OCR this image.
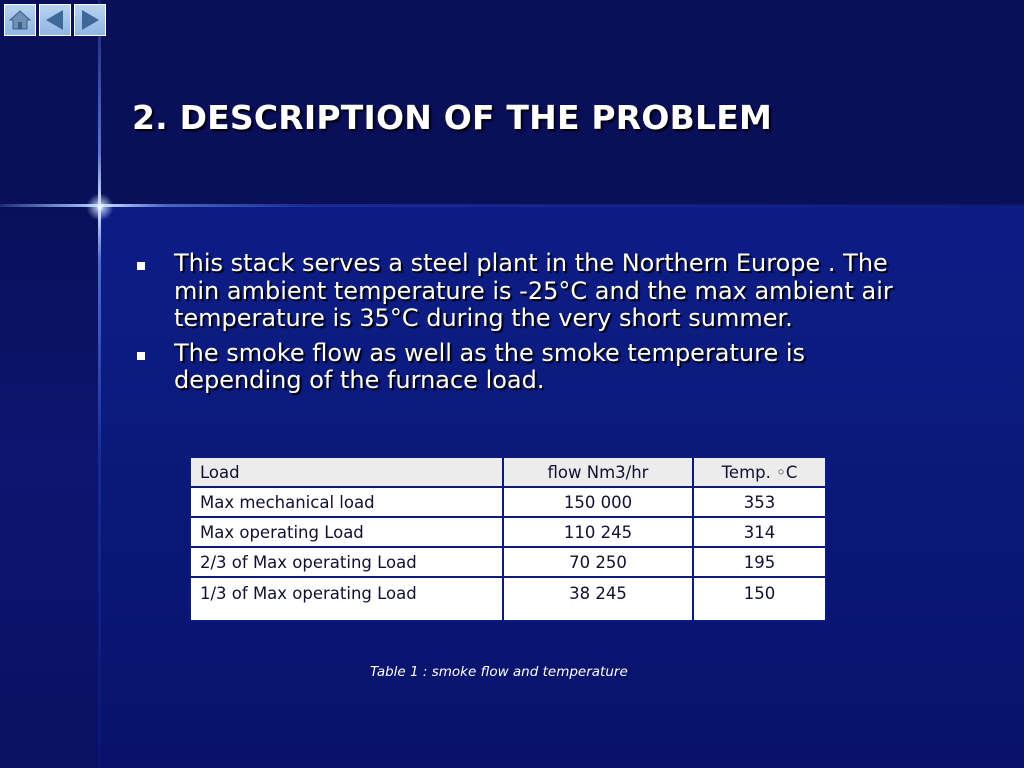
2. DESCRIPTION OF THE PROBLEM
This stack serves a steel plant in the Northern Europe . The min ambient temperature is -25°C and the max ambient air temperature is 35°C during the very short summer.
The smoke flow as well as the smoke temperature is depending of the furnace load.
Load	flow Nm3/hr	Temp. ◦C
Max mechanical load	150 000	353
Max operating Load	110 245	314
2/3 of Max operating Load	70 250	195
1/3 of Max operating Load	38 245	150
Table 1 : smoke flow and temperature
